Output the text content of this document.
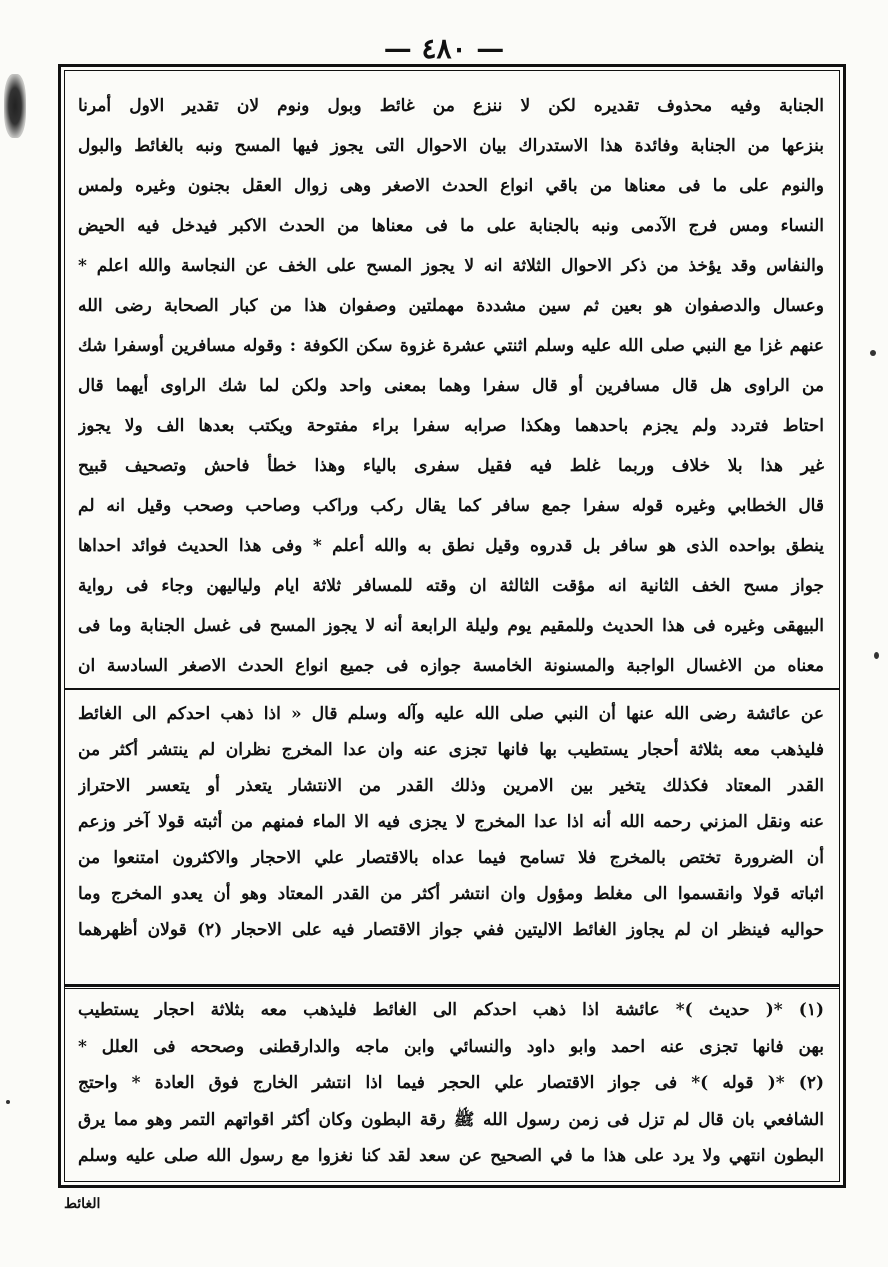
— ٤٨٠ —
الجنابة وفيه محذوف تقديره لكن لا ننزع من غائط وبول ونوم لان تقدير الاول أمرنا
بنزعها من الجنابة وفائدة هذا الاستدراك بيان الاحوال التى يجوز فيها المسح ونبه بالغائط والبول
والنوم على ما فى معناها من باقي انواع الحدث الاصغر وهى زوال العقل بجنون وغيره ولمس
النساء ومس فرج الآدمى ونبه بالجنابة على ما فى معناها من الحدث الاكبر فيدخل فيه الحيض
والنفاس وقد يؤخذ من ذكر الاحوال الثلاثة انه لا يجوز المسح على الخف عن النجاسة والله اعلم *
وعسال والدصفوان هو بعين ثم سين مشددة مهملتين وصفوان هذا من كبار الصحابة رضى الله
عنهم غزا مع النبي صلى الله عليه وسلم اثنتي عشرة غزوة سكن الكوفة : وقوله مسافرين أوسفرا شك
من الراوى هل قال مسافرين أو قال سفرا وهما بمعنى واحد ولكن لما شك الراوى أيهما قال
احتاط فتردد ولم يجزم باحدهما وهكذا صرابه سفرا براء مفتوحة ويكتب بعدها الف ولا يجوز
غير هذا بلا خلاف وربما غلط فيه فقيل سفرى بالياء وهذا خطأ فاحش وتصحيف قبيح
قال الخطابي وغيره قوله سفرا جمع سافر كما يقال ركب وراكب وصاحب وصحب وقيل انه لم
ينطق بواحده الذى هو سافر بل قدروه وقيل نطق به والله أعلم * وفى هذا الحديث فوائد احداها
جواز مسح الخف الثانية انه مؤقت الثالثة ان وقته للمسافر ثلاثة ايام ولياليهن وجاء فى رواية
البيهقى وغيره فى هذا الحديث وللمقيم يوم وليلة الرابعة أنه لا يجوز المسح فى غسل الجنابة وما فى
معناه من الاغسال الواجبة والمسنونة الخامسة جوازه فى جميع انواع الحدث الاصغر السادسة ان
عن عائشة رضى الله عنها أن النبي صلى الله عليه وآله وسلم قال « اذا ذهب احدكم الى الغائط
فليذهب معه بثلاثة أحجار يستطيب بها فانها تجزى عنه وان عدا المخرج نظران لم ينتشر أكثر من
القدر المعتاد فكذلك يتخير بين الامرين وذلك القدر من الانتشار يتعذر أو يتعسر الاحتراز
عنه ونقل المزني رحمه الله أنه اذا عدا المخرج لا يجزى فيه الا الماء فمنهم من أثبته قولا آخر وزعم
أن الضرورة تختص بالمخرج فلا تسامح فيما عداه بالاقتصار علي الاحجار والاكثرون امتنعوا من
اثباته قولا وانقسموا الى مغلط ومؤول وان انتشر أكثر من القدر المعتاد وهو أن يعدو المخرج وما
حواليه فينظر ان لم يجاوز الغائط الاليتين ففي جواز الاقتصار فيه على الاحجار (٢) قولان أظهرهما
(١) *( حديث )* عائشة اذا ذهب احدكم الى الغائط فليذهب معه بثلاثة احجار يستطيب
بهن فانها تجزى عنه احمد وابو داود والنسائي وابن ماجه والدارقطنى وصححه فى العلل *
(٢) *( قوله )* فى جواز الاقتصار علي الحجر فيما اذا انتشر الخارج فوق العادة * واحتج
الشافعي بان قال لم تزل فى زمن رسول الله ﷺ رقة البطون وكان أكثر اقواتهم التمر وهو مما يرق
البطون انتهي ولا يرد على هذا ما في الصحيح عن سعد لقد كنا نغزوا مع رسول الله صلى عليه وسلم
الغائط
